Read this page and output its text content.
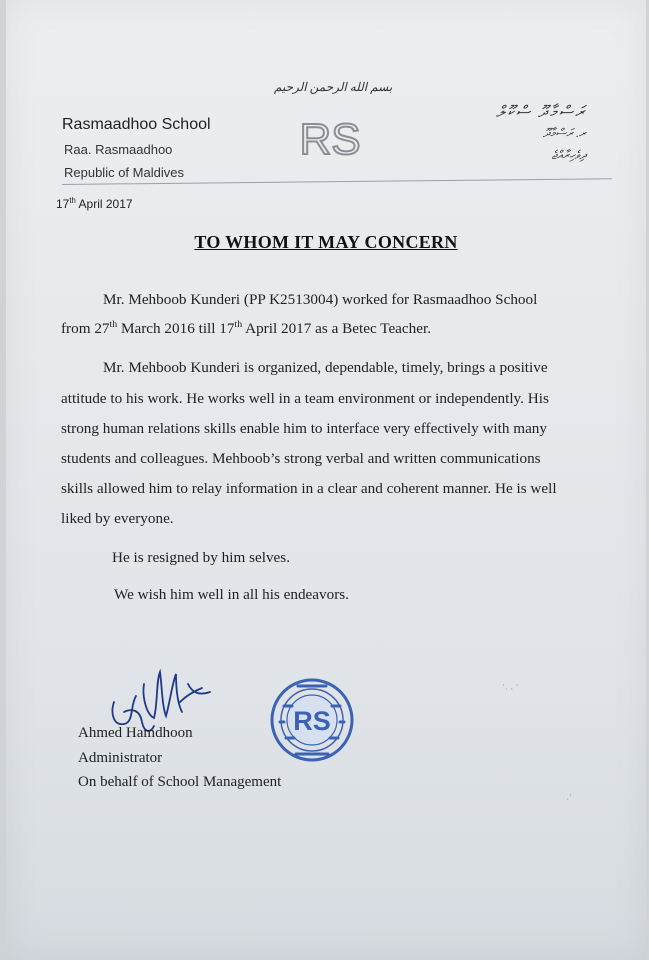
بسم الله الرحمن الرحيم
Rasmaadhoo School
Raa. Rasmaadhoo
Republic of Maldives
RS
ރަސްމާދޫ ސްކޫލް
ރ. ރަސްމާދޫ
ދިވެހިރާއްޖެ
17th April 2017
TO WHOM IT MAY CONCERN
Mr. Mehboob Kunderi (PP K2513004) worked for Rasmaadhoo School
from 27th March 2016 till 17th April 2017 as a Betec Teacher.
Mr. Mehboob Kunderi is organized, dependable, timely, brings a positive
attitude to his work. He works well in a team environment or independently. His
strong human relations skills enable him to interface very effectively with many
students and colleagues. Mehboob’s strong verbal and written communications
skills allowed him to relay information in a clear and coherent manner. He is well
liked by everyone.
He is resigned by him selves.
We wish him well in all his endeavors.
RS
Ahmed Hamdhoon
Administrator
On behalf of School Management
·ˏ ˎ ·
ˎ·
